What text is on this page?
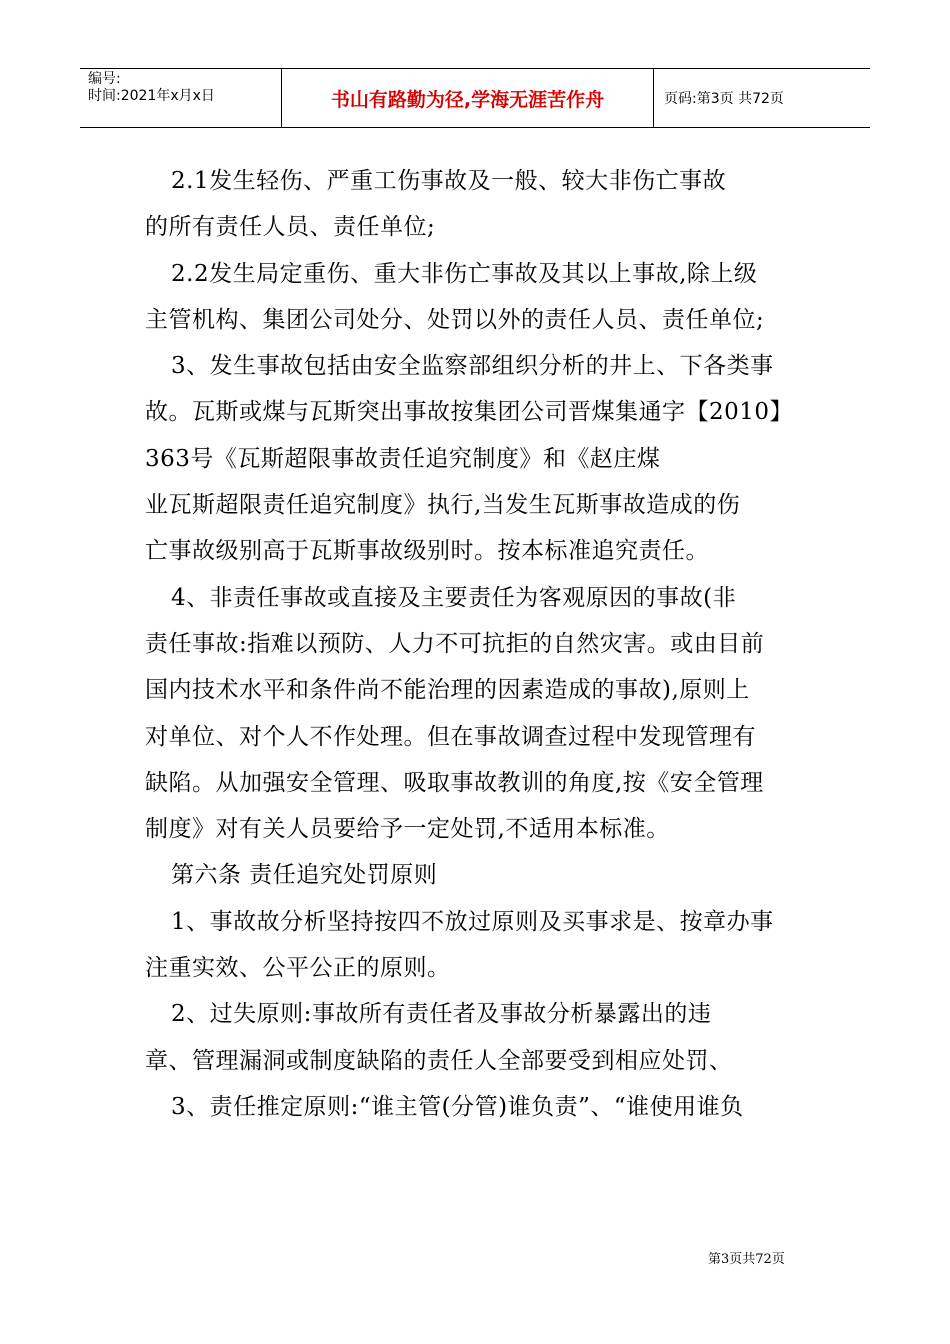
编号:
时间:2021年x月x日	书山有路勤为径,学海无涯苦作舟	页码:第3页 共72页
2.1发生轻伤、严重工伤事故及一般、较大非伤亡事故
的所有责任人员、责任单位;
2.2发生局定重伤、重大非伤亡事故及其以上事故,除上级
主管机构、集团公司处分、处罚以外的责任人员、责任单位;
3、发生事故包括由安全监察部组织分析的井上、下各类事
故。瓦斯或煤与瓦斯突出事故按集团公司晋煤集通字【2010】
363号《瓦斯超限事故责任追究制度》和《赵庄煤
业瓦斯超限责任追究制度》执行,当发生瓦斯事故造成的伤
亡事故级别高于瓦斯事故级别时。按本标准追究责任。
4、非责任事故或直接及主要责任为客观原因的事故(非
责任事故:指难以预防、人力不可抗拒的自然灾害。或由目前
国内技术水平和条件尚不能治理的因素造成的事故),原则上
对单位、对个人不作处理。但在事故调查过程中发现管理有
缺陷。从加强安全管理、吸取事故教训的角度,按《安全管理
制度》对有关人员要给予一定处罚,不适用本标准。
第六条 责任追究处罚原则
1、事故故分析坚持按四不放过原则及买事求是、按章办事
注重实效、公平公正的原则。
2、过失原则:事故所有责任者及事故分析暴露出的违
章、管理漏洞或制度缺陷的责任人全部要受到相应处罚、
3、责任推定原则:“谁主管(分管)谁负责”、“谁使用谁负
第3页共72页
